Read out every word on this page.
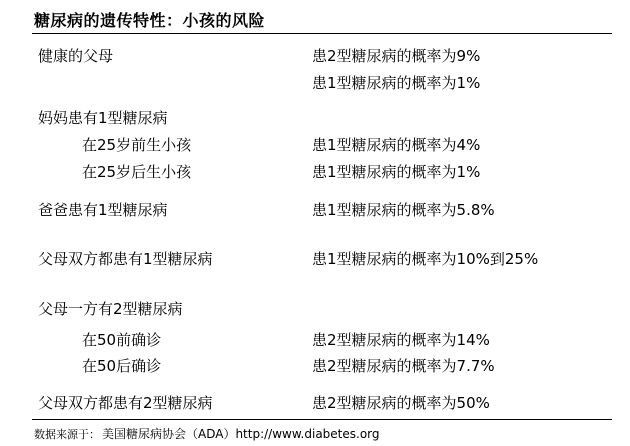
糖尿病的遗传特性：小孩的风险
健康的父母	患2型糖尿病的概率为9%
患1型糖尿病的概率为1%
妈妈患有1型糖尿病
在25岁前生小孩	患1型糖尿病的概率为4%
在25岁后生小孩	患1型糖尿病的概率为1%
爸爸患有1型糖尿病	患1型糖尿病的概率为5.8%
父母双方都患有1型糖尿病	患1型糖尿病的概率为10%到25%
父母一方有2型糖尿病
在50前确诊	患2型糖尿病的概率为14%
在50后确诊	患2型糖尿病的概率为7.7%
父母双方都患有2型糖尿病	患2型糖尿病的概率为50%
数据来源于： 美国糖尿病协会（ADA）http://www.diabetes.org
